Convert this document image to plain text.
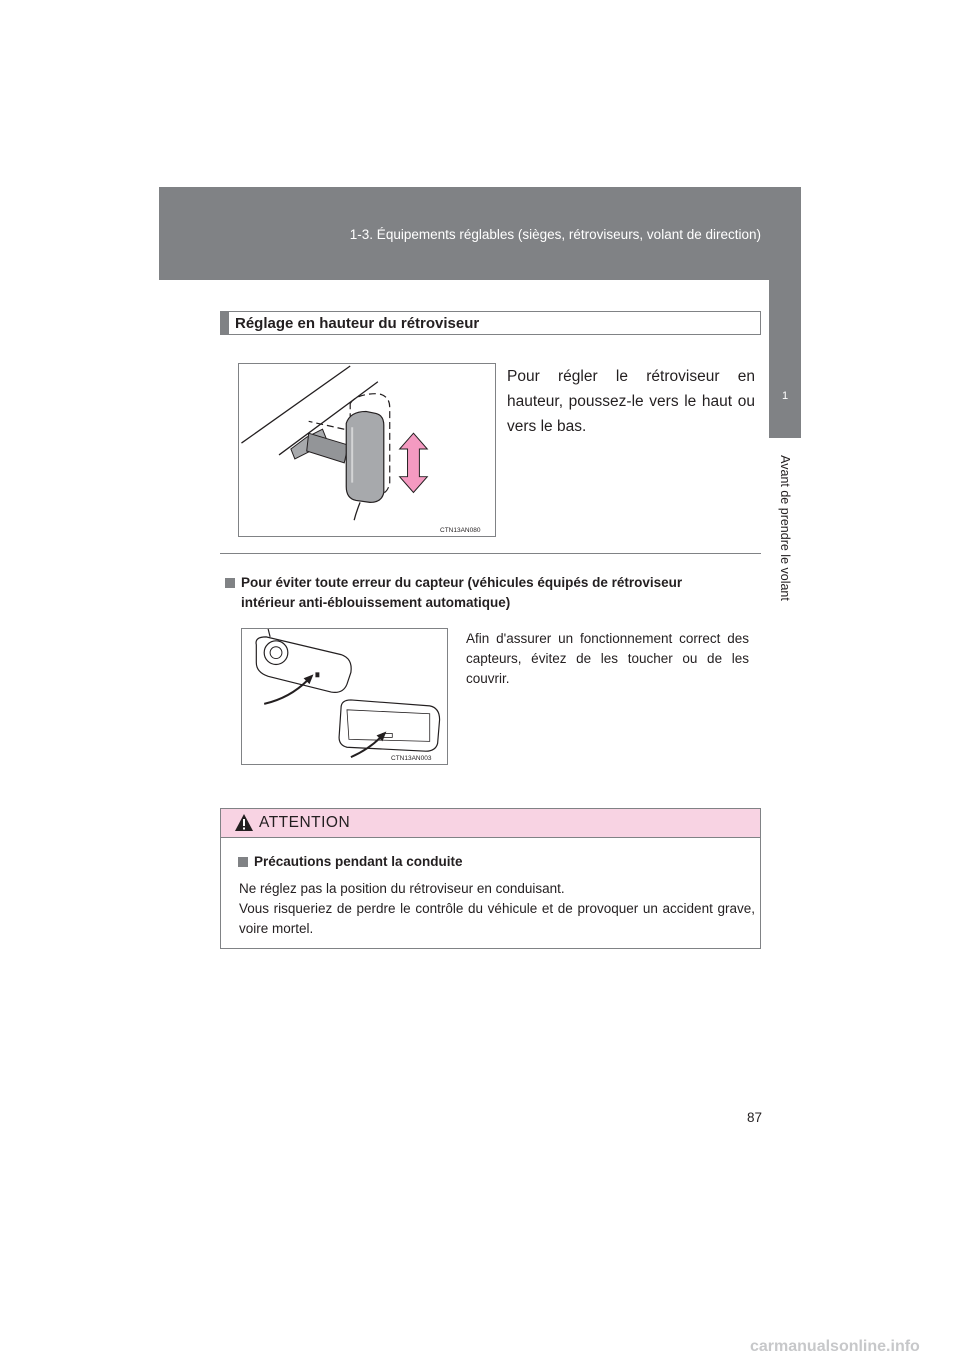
1-3. Équipements réglables (sièges, rétroviseurs, volant de direction)
1
Avant de prendre le volant
Réglage en hauteur du rétroviseur
CTN13AN080
Pour régler le rétroviseur en hauteur, poussez-le vers le haut ou vers le bas.
Pour éviter toute erreur du capteur (véhicules équipés de rétroviseur
intérieur anti-éblouissement automatique)
CTN13AN003
Afin d'assurer un fonctionnement correct des capteurs, évitez de les toucher ou de les couvrir.
ATTENTION
Précautions pendant la conduite
Ne réglez pas la position du rétroviseur en conduisant.
Vous risqueriez de perdre le contrôle du véhicule et de provoquer un accident grave, voire mortel.
87
carmanualsonline.info
